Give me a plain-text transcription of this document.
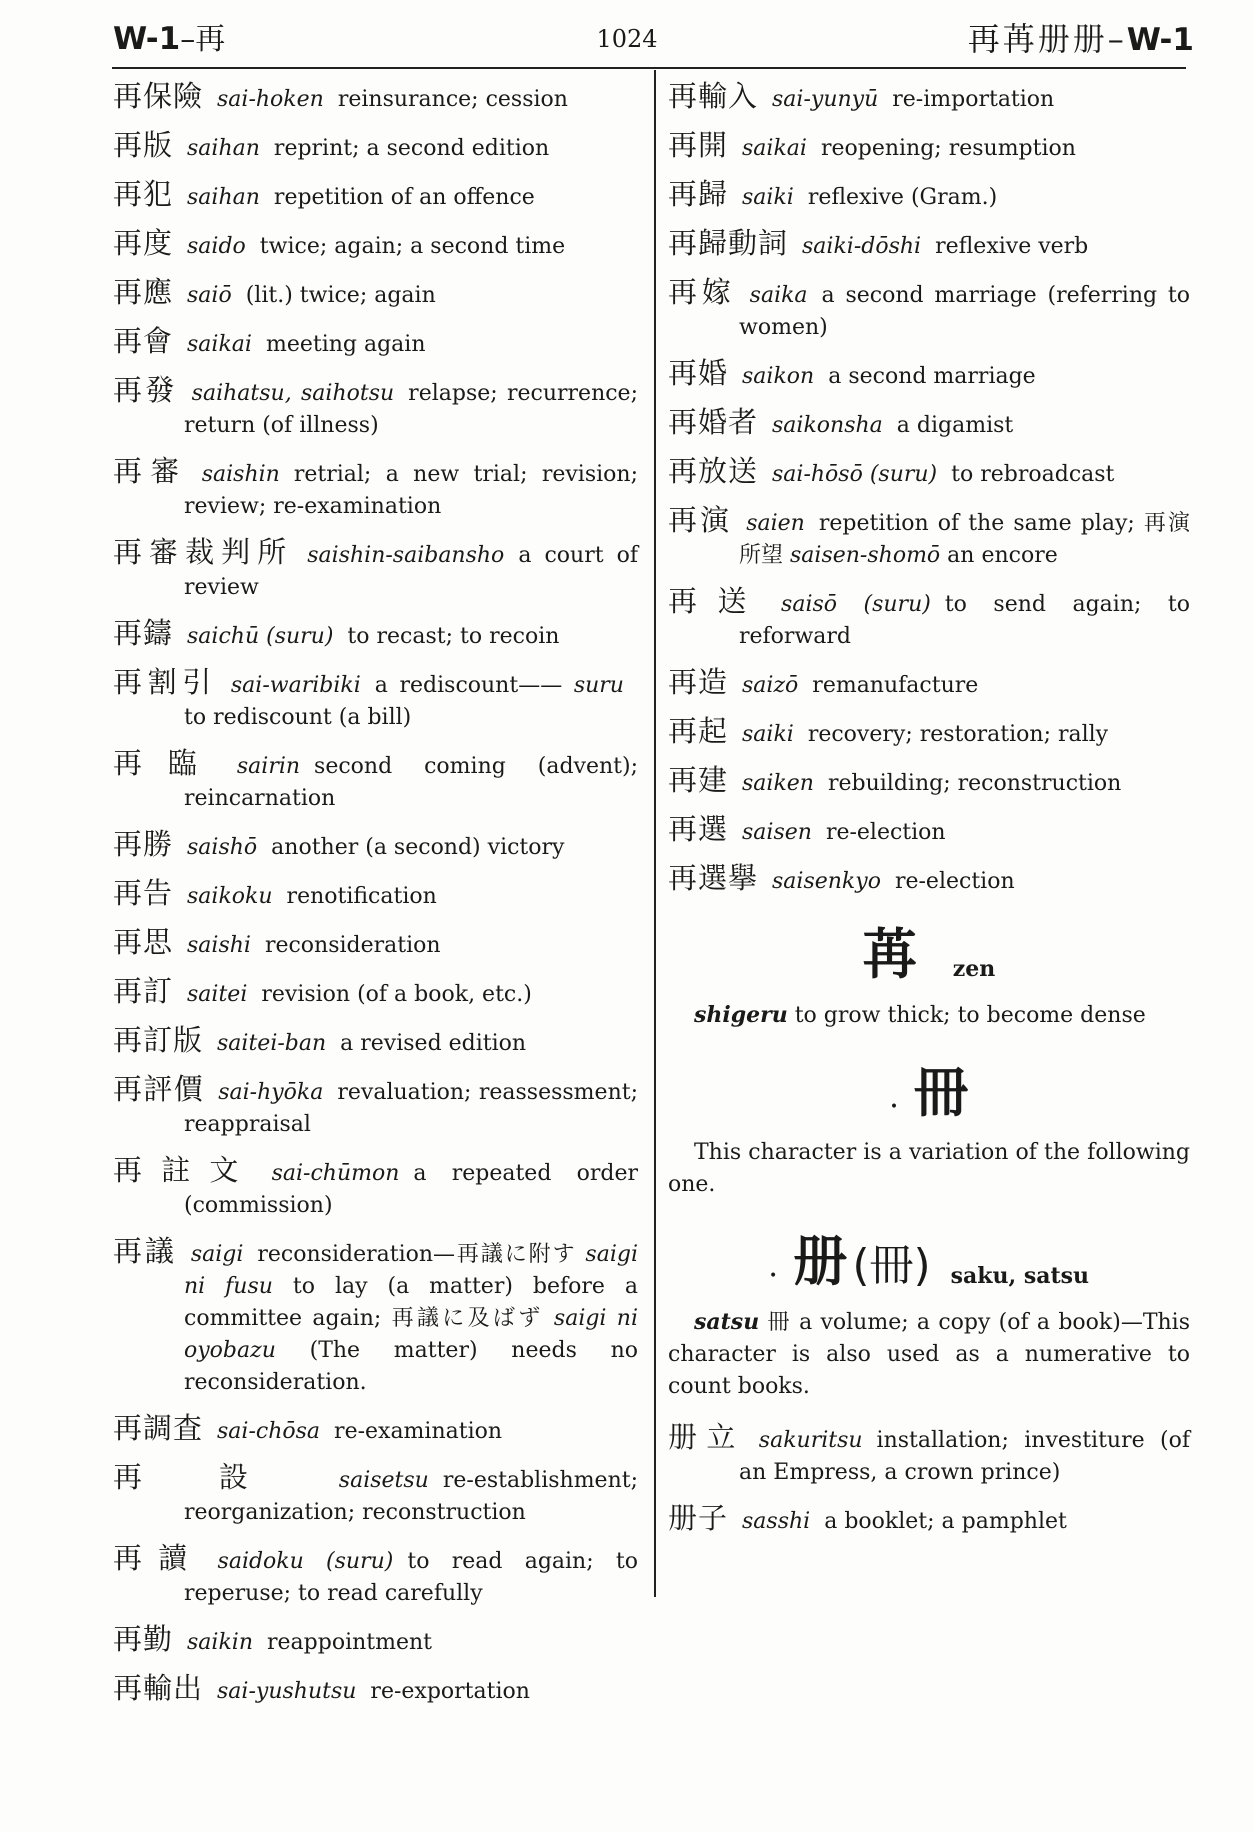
W-1–再	1024	再苒册册–W-1
再保險 sai-hoken reinsurance; cession
再版 saihan reprint; a second edition
再犯 saihan repetition of an offence
再度 saido twice; again; a second time
再應 saiō (lit.) twice; again
再會 saikai meeting again
再發 saihatsu, saihotsu relapse; recurrence; return (of illness)
再審 saishin retrial; a new trial; revision; review; re-examination
再審裁判所 saishin-saibansho a court of review
再鑄 saichū (suru) to recast; to recoin
再割引 sai-waribiki a rediscount—— suru to rediscount (a bill)
再臨 sairin second coming (advent); reincarnation
再勝 saishō another (a second) victory
再告 saikoku renotification
再思 saishi reconsideration
再訂 saitei revision (of a book, etc.)
再訂版 saitei-ban a revised edition
再評價 sai-hyōka revaluation; reassessment; reappraisal
再註文 sai-chūmon a repeated order (commission)
再議 saigi reconsideration—再議に附す saigi ni fusu to lay (a matter) before a committee again; 再議に及ばず saigi ni oyobazu (The matter) needs no reconsideration.
再調査 sai-chōsa re-examination
再設 saisetsu re-establishment; reorganization; reconstruction
再讀 saidoku (suru) to read again; to reperuse; to read carefully
再勤 saikin reappointment
再輸出 sai-yushutsu re-exportation
再輸入 sai-yunyū re-importation
再開 saikai reopening; resumption
再歸 saiki reflexive (Gram.)
再歸動詞 saiki-dōshi reflexive verb
再嫁 saika a second marriage (referring to women)
再婚 saikon a second marriage
再婚者 saikonsha a digamist
再放送 sai-hōsō (suru) to rebroadcast
再演 saien repetition of the same play; 再演所望 saisen-shomō an encore
再送 saisō (suru) to send again; to reforward
再造 saizō remanufacture
再起 saiki recovery; restoration; rally
再建 saiken rebuilding; reconstruction
再選 saisen re-election
再選擧 saisenkyo re-election
苒 zen
shigeru to grow thick; to become dense
• 冊
This character is a variation of the following one.
• 册 (冊) saku, satsu
satsu 冊 a volume; a copy (of a book)—This character is also used as a numerative to count books.
册立 sakuritsu installation; investiture (of an Empress, a crown prince)
册子 sasshi a booklet; a pamphlet
